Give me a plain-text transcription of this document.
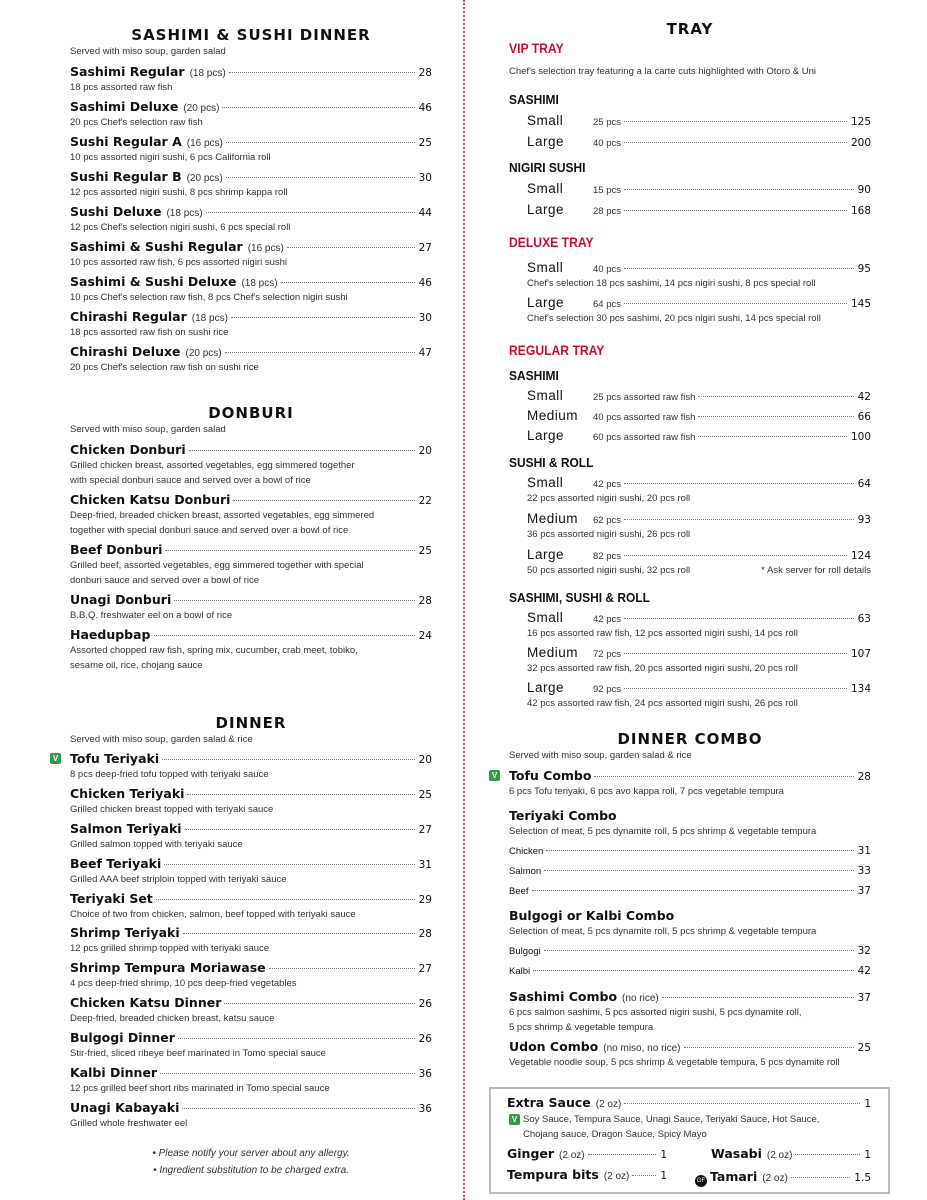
SASHIMI & SUSHI DINNER
Served with miso soup, garden salad
Sashimi Regular (18 pcs)	28
18 pcs assorted raw fish
Sashimi Deluxe (20 pcs)	46
20 pcs Chef's selection raw fish
Sushi Regular A (16 pcs)	25
10 pcs assorted nigiri sushi, 6 pcs California roll
Sushi Regular B (20 pcs)	30
12 pcs assorted nigiri sushi, 8 pcs shrimp kappa roll
Sushi Deluxe (18 pcs)	44
12 pcs Chef's selection nigiri sushi, 6 pcs special roll
Sashimi & Sushi Regular (16 pcs)	27
10 pcs assorted raw fish, 6 pcs assorted nigiri sushi
Sashimi & Sushi Deluxe (18 pcs)	46
10 pcs Chef's selection raw fish, 8 pcs Chef's selection nigiri sushi
Chirashi Regular (18 pcs)	30
18 pcs assorted raw fish on sushi rice
Chirashi Deluxe (20 pcs)	47
20 pcs Chef's selection raw fish on sushi rice
DONBURI
Served with miso soup, garden salad
Chicken Donburi	20
Grilled chicken breast, assorted vegetables, egg simmered together
with special donburi sauce and served over a bowl of rice
Chicken Katsu Donburi	22
Deep-fried, breaded chicken breast, assorted vegetables, egg simmered
together with special donburi sauce and served over a bowl of rice
Beef Donburi	25
Grilled beef, assorted vegetables, egg simmered together with special
donburi sauce and served over a bowl of rice
Unagi Donburi	28
B.B.Q. freshwater eel on a bowl of rice
Haedupbap	24
Assorted chopped raw fish, spring mix, cucumber, crab meet, tobiko,
sesame oil, rice, chojang sauce
DINNER
Served with miso soup, garden salad & rice
V Tofu Teriyaki	20
8 pcs deep-fried tofu topped with teriyaki sauce
Chicken Teriyaki	25
Grilled chicken breast topped with teriyaki sauce
Salmon Teriyaki	27
Grilled salmon topped with teriyaki sauce
Beef Teriyaki	31
Grilled AAA beef striploin topped with teriyaki sauce
Teriyaki Set	29
Choice of two from chicken, salmon, beef topped with teriyaki sauce
Shrimp Teriyaki	28
12 pcs grilled shrimp topped with teriyaki sauce
Shrimp Tempura Moriawase	27
4 pcs deep-fried shrimp, 10 pcs deep-fried vegetables
Chicken Katsu Dinner	26
Deep-fried, breaded chicken breast, katsu sauce
Bulgogi Dinner	26
Stir-fried, sliced ribeye beef marinated in Tomo special sauce
Kalbi Dinner	36
12 pcs grilled beef short ribs marinated in Tomo special sauce
Unagi Kabayaki	36
Grilled whole freshwater eel
• Please notify your server about any allergy.
• Ingredient substitution to be charged extra.
TRAY
VIP TRAY
Chef's selection tray featuring a la carte cuts highlighted with Otoro & Uni
SASHIMI
Small	25 pcs	125
Large	40 pcs	200
NIGIRI SUSHI
Small	15 pcs	90
Large	28 pcs	168
DELUXE TRAY
Small	40 pcs	95
Chef's selection 18 pcs sashimi, 14 pcs nigiri sushi, 8 pcs special roll
Large	64 pcs	145
Chef's selection 30 pcs sashimi, 20 pcs nigiri sushi, 14 pcs special roll
REGULAR TRAY
SASHIMI
Small	25 pcs assorted raw fish	42
Medium	40 pcs assorted raw fish	66
Large	60 pcs assorted raw fish	100
SUSHI & ROLL
Small	42 pcs	64
22 pcs assorted nigiri sushi, 20 pcs roll
Medium	62 pcs	93
36 pcs assorted nigiri sushi, 26 pcs roll
Large	82 pcs	124
50 pcs assorted nigiri sushi, 32 pcs roll	* Ask server for roll details
SASHIMI, SUSHI & ROLL
Small	42 pcs	63
16 pcs assorted raw fish, 12 pcs assorted nigiri sushi, 14 pcs roll
Medium	72 pcs	107
32 pcs assorted raw fish, 20 pcs assorted nigiri sushi, 20 pcs roll
Large	92 pcs	134
42 pcs assorted raw fish, 24 pcs assorted nigiri sushi, 26 pcs roll
DINNER COMBO
Served with miso soup, garden salad & rice
V Tofu Combo	28
6 pcs Tofu teriyaki, 6 pcs avo kappa roll, 7 pcs vegetable tempura
Teriyaki Combo
Selection of meat, 5 pcs dynamite roll, 5 pcs shrimp & vegetable tempura
Chicken	31
Salmon	33
Beef	37
Bulgogi or Kalbi Combo
Selection of meat, 5 pcs dynamite roll, 5 pcs shrimp & vegetable tempura
Bulgogi	32
Kalbi	42
Sashimi Combo (no rice)	37
6 pcs salmon sashimi, 5 pcs assorted nigiri sushi, 5 pcs dynamite roll,
5 pcs shrimp & vegetable tempura
Udon Combo (no miso, no rice)	25
Vegetable noodle soup, 5 pcs shrimp & vegetable tempura, 5 pcs dynamite roll
Extra Sauce (2 oz)	1
V Soy Sauce, Tempura Sauce, Unagi Sauce, Teriyaki Sauce, Hot Sauce,
Chojang sauce, Dragon Sauce, Spicy Mayo
Ginger (2 oz)	1	Wasabi (2 oz)	1
Tempura bits (2 oz)	1	GF Tamari (2 oz)	1.5
